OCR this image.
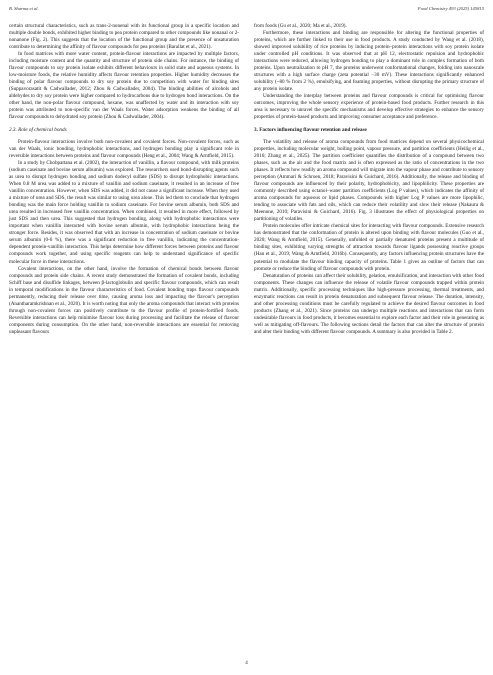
B. Sharma et al.	Food Chemistry 493 (2025) 145815

certain structural characteristics, such as trans-2-nonenal with its functional group in a specific location and multiple double bonds, exhibited higher binding to pea protein compared to other compounds like nonanal or 2-nonanone (Fig. 2). This suggests that the location of the functional group and the presence of unsaturation contribute to determining the affinity of flavour compounds for pea proteins (Barallat et al., 2021).

In food matrices with more water content, protein-flavour interactions are impacted by multiple factors, including moisture content and the quantity and structure of protein side chains. For instance, the binding of flavour compounds to soy protein isolate exhibits different behaviours in solid state and aqueous systems. In low-moisture foods, the relative humidity affects flavour retention properties. Higher humidity decreases the binding of polar flavour compounds to dry soy protein due to competition with water for binding sites (Suppavorasatit & Cadwallader, 2012; Zhou & Cadwallader, 2004). The binding abilities of alcohols and aldehydes to dry soy protein were higher compared to hydrocarbons due to hydrogen bond interactions. On the other hand, the non-polar flavour compound, hexane, was unaffected by water and its interaction with soy protein was attributed to non-specific van der Waals forces. Water adsorption weakens the binding of all flavour compounds to dehydrated soy protein (Zhou & Cadwallader, 2004).

2.3. Role of chemical bonds

Protein-flavour interactions involve both non-covalent and covalent forces. Non-covalent forces, such as van der Waals, ionic bonding, hydrophobic interactions, and hydrogen bonding play a significant role in reversible interactions between proteins and flavour compounds (Heng et al., 2004; Wang & Arntfield, 2015).

In a study by Chobpattana et al. (2002), the interaction of vanillin, a flavour compound, with milk proteins (sodium caseinate and bovine serum albumin) was explored. The researchers used bond-disrupting agents such as urea to disrupt hydrogen bonding and sodium dodecyl sulfate (SDS) to disrupt hydrophobic interactions. When 0.8 M urea was added to a mixture of vanillin and sodium caseinate, it resulted in an increase of free vanillin concentration. However, when SDS was added, it did not cause a significant increase. When they used a mixture of urea and SDS, the result was similar to using urea alone. This led them to conclude that hydrogen bonding was the main force holding vanillin to sodium caseinate. For bovine serum albumin, both SDS and urea resulted in increased free vanillin concentration. When combined, it resulted in more effect, followed by just SDS and then urea. This suggested that hydrogen bonding, along with hydrophobic interactions were important when vanillin interacted with bovine serum albumin, with hydrophobic interactions being the stronger force. Besides, it was observed that with an increase in concentration of sodium caseinate or bovine serum albumin (0-6 %), there was a significant reduction in free vanillin, indicating the concentration-dependent protein-vanillin interaction. This helps determine how different forces between proteins and flavour compounds work together, and using specific reagents can help to understand significance of specific molecular force in these interactions.

Covalent interactions, on the other hand, involve the formation of chemical bonds between flavour compounds and protein side chains. A recent study demonstrated the formation of covalent bonds, including Schiff base and disulfide linkages, between β-lactoglobulin and specific flavour compounds, which can result in temporal modifications in the flavour characteristics of food. Covalent bonding traps flavour compounds permanently, reducing their release over time, causing aroma loss and impacting the flavour's perception (Anantharamkrishnan et al., 2020). It is worth noting that only the aroma compounds that interact with proteins through non-covalent forces can positively contribute to the flavour profile of protein-fortified foods. Reversible interactions can help minimise flavour loss during processing and facilitate the release of flavour components during consumption. On the other hand, non-reversible interactions are essential for removing unpleasant flavours

from foods (Gu et al., 2020; Ma et al., 2019).

Furthermore, these interactions and binding are responsible for altering the functional properties of proteins, which are further linked to their use in food products. A study conducted by Wang et al. (2018), showed improved solubility of rice proteins by inducing protein–protein interactions with soy protein isolate under controlled pH conditions. It was observed that at pH 12, electrostatic repulsion and hydrophobic interactions were reduced, allowing hydrogen bonding to play a dominant role in complex formation of both proteins. Upon neutralization to pH 7, the proteins underwent conformational changes, folding into nanoscale structures with a high surface charge (zeta potential −30 mV). These interactions significantly enhanced solubility (~80 % from 2 %), emulsifying, and foaming properties, without disrupting the primary structure of any protein isolate.

Understanding the interplay between proteins and flavour compounds is critical for optimising flavour outcomes, improving the whole sensory experience of protein-based food products. Further research in this area is necessary to unravel the specific mechanisms and develop effective strategies to enhance the sensory properties of protein-based products and improving consumer acceptance and preference.

3. Factors influencing flavour retention and release

The volatility and release of aroma compounds from food matrices depend on several physicochemical properties, including molecular weight, boiling point, vapour pressure, and partition coefficients (Heilig et al., 2016; Zhang et al., 2025). The partition coefficient quantifies the distribution of a compound between two phases, such as the air and the food matrix and is often expressed as the ratio of concentrations in the two phases. It reflects how readily an aroma compound will migrate into the vapour phase and contribute to sensory perception (Ammari & Schroen, 2018; Paravisini & Guichard, 2016). Additionally, the release and binding of flavour compounds are influenced by their polarity, hydrophobicity, and lipophilicity. These properties are commonly described using octanol–water partition coefficients (Log P values), which indicates the affinity of aroma compounds for aqueous or lipid phases. Compounds with higher Log P values are more lipophilic, tending to associate with fats and oils, which can reduce their volatility and slow their release (Nakaura & Meenune, 2010; Paravisini & Guichard, 2016). Fig. 3 illustrates the effect of physiological properties on partitioning of volatiles.

Protein molecules offer intricate chemical sites for interacting with flavour compounds. Extensive research has demonstrated that the conformation of protein is altered upon binding with flavour molecules (Guo et al., 2020; Wang & Arntfield, 2015). Generally, unfolded or partially denatured proteins present a multitude of binding sites, exhibiting varying strengths of attraction towards flavour ligands possessing reactive groups (Han et al., 2019; Wang & Arntfield, 2016b). Consequently, any factors influencing protein structures have the potential to modulate the flavour binding capacity of proteins. Table 1 gives an outline of factors that can promote or reduce the binding of flavour compounds with protein.

Denaturation of proteins can affect their solubility, gelation, emulsification, and interaction with other food components. These changes can influence the release of volatile flavour compounds trapped within protein matrix. Additionally, specific processing techniques like high-pressure processing, thermal treatments, and enzymatic reactions can result in protein denaturation and subsequent flavour release. The duration, intensity, and other processing conditions must be carefully regulated to achieve the desired flavour outcomes in food products (Zhang et al., 2021). Since proteins can undergo multiple reactions and interactions that can form undesirable flavours in food products, it becomes essential to explore each factor and their role in generating as well as mitigating off-flavours. The following sections detail the factors that can alter the structure of protein and alter their binding with different flavour compounds. A summary is also provided in Table 2.

4
